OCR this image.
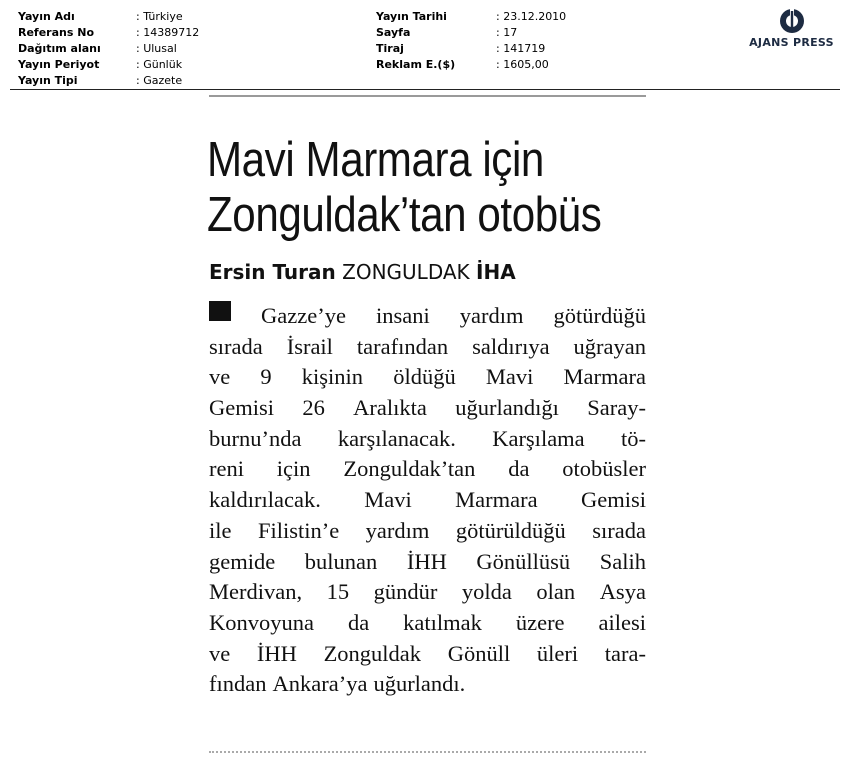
Yayın Adı	: Türkiye
Referans No	: 14389712
Dağıtım alanı	: Ulusal
Yayın Periyot	: Günlük
Yayın Tipi	: Gazete
Yayın Tarihi	: 23.12.2010
Sayfa	: 17
Tiraj	: 141719
Reklam E.($)	: 1605,00
AJANS PRESS
Mavi Marmara için
Zonguldak’tan otobüs
Ersin Turan ZONGULDAK İHA
Gazze’ye insani yardım götürdüğü
sırada İsrail tarafından saldırıya uğrayan
ve 9 kişinin öldüğü Mavi Marmara
Gemisi 26 Aralıkta uğurlandığı Saray-
burnu’nda karşılanacak. Karşılama tö-
reni için Zonguldak’tan da otobüsler
kaldırılacak. Mavi Marmara Gemisi
ile Filistin’e yardım götürüldüğü sırada
gemide bulunan İHH Gönüllüsü Salih
Merdivan, 15 gündür yolda olan Asya
Konvoyuna da katılmak üzere ailesi
ve İHH Zonguldak Gönüll üleri tara-
fından Ankara’ya uğurlandı.
